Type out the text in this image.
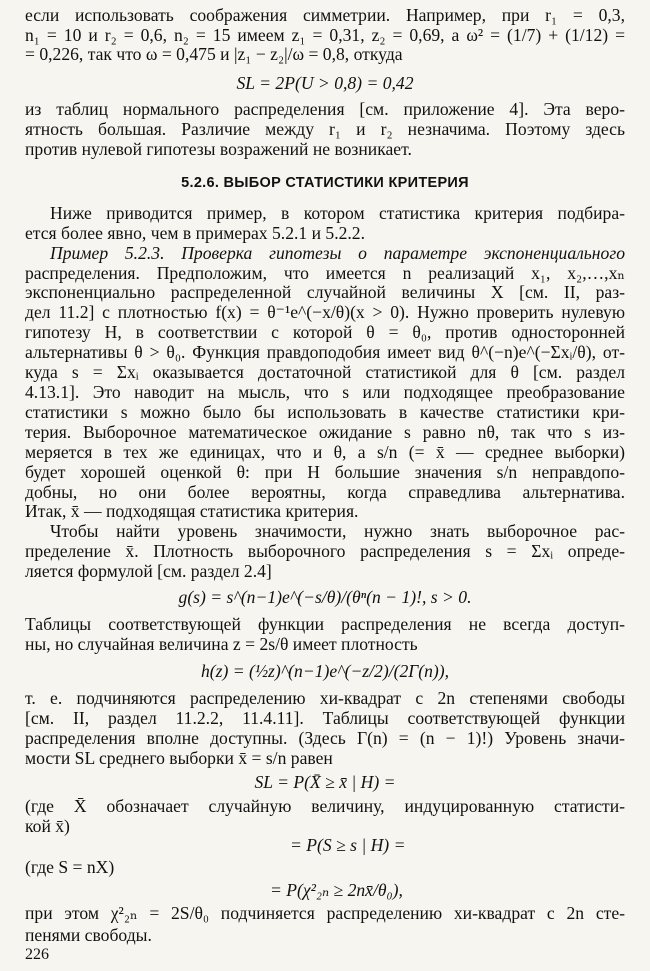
если использовать соображения симметрии. Например, при r₁ = 0,3,
n₁ = 10 и r₂ = 0,6, n₂ = 15 имеем z₁ = 0,31, z₂ = 0,69, а ω² = (1/7) + (1/12) =
= 0,226, так что ω = 0,475 и |z₁ − z₂|/ω = 0,8, откуда
SL = 2P(U > 0,8) = 0,42
из таблиц нормального распределения [см. приложение 4]. Эта веро-
ятность большая. Различие между r₁ и r₂ незначима. Поэтому здесь
против нулевой гипотезы возражений не возникает.
5.2.6. ВЫБОР СТАТИСТИКИ КРИТЕРИЯ
Ниже приводится пример, в котором статистика критерия подбира-
ется более явно, чем в примерах 5.2.1 и 5.2.2.
Пример 5.2.3. Проверка гипотезы о параметре экспоненциального
распределения. Предположим, что имеется n реализаций x₁, x₂,…,xₙ
экспоненциально распределенной случайной величины X [см. II, раз-
дел 11.2] с плотностью f(x) = θ⁻¹e^(−x/θ)(x > 0). Нужно проверить нулевую
гипотезу H, в соответствии с которой θ = θ₀, против односторонней
альтернативы θ > θ₀. Функция правдоподобия имеет вид θ^(−n)e^(−Σxᵢ/θ), от-
куда s = Σxᵢ оказывается достаточной статистикой для θ [см. раздел
4.13.1]. Это наводит на мысль, что s или подходящее преобразование
статистики s можно было бы использовать в качестве статистики кри-
терия. Выборочное математическое ожидание s равно nθ, так что s из-
меряется в тех же единицах, что и θ, а s/n (= x̄ — среднее выборки)
будет хорошей оценкой θ: при H большие значения s/n неправдопо-
добны, но они более вероятны, когда справедлива альтернатива.
Итак, x̄ — подходящая статистика критерия.
Чтобы найти уровень значимости, нужно знать выборочное рас-
пределение x̄. Плотность выборочного распределения s = Σxᵢ опреде-
ляется формулой [см. раздел 2.4]
g(s) = s^(n−1)e^(−s/θ)/(θⁿ(n − 1)!, s > 0.
Таблицы соответствующей функции распределения не всегда доступ-
ны, но случайная величина z = 2s/θ имеет плотность
h(z) = (½z)^(n−1)e^(−z/2)/(2Γ(n)),
т. е. подчиняются распределению хи-квадрат с 2n степенями свободы
[см. II, раздел 11.2.2, 11.4.11]. Таблицы соответствующей функции
распределения вполне доступны. (Здесь Γ(n) = (n − 1)!) Уровень значи-
мости SL среднего выборки x̄ = s/n равен
SL = P(X̄ ≥ x̄ | H) =
(где X̄ обозначает случайную величину, индуцированную статисти-
кой x̄)
= P(S ≥ s | H) =
(где S = nX)
= P(χ²₂ₙ ≥ 2nx̄/θ₀),
при этом χ²₂ₙ = 2S/θ₀ подчиняется распределению хи-квадрат с 2n сте-
пенями свободы.
226
